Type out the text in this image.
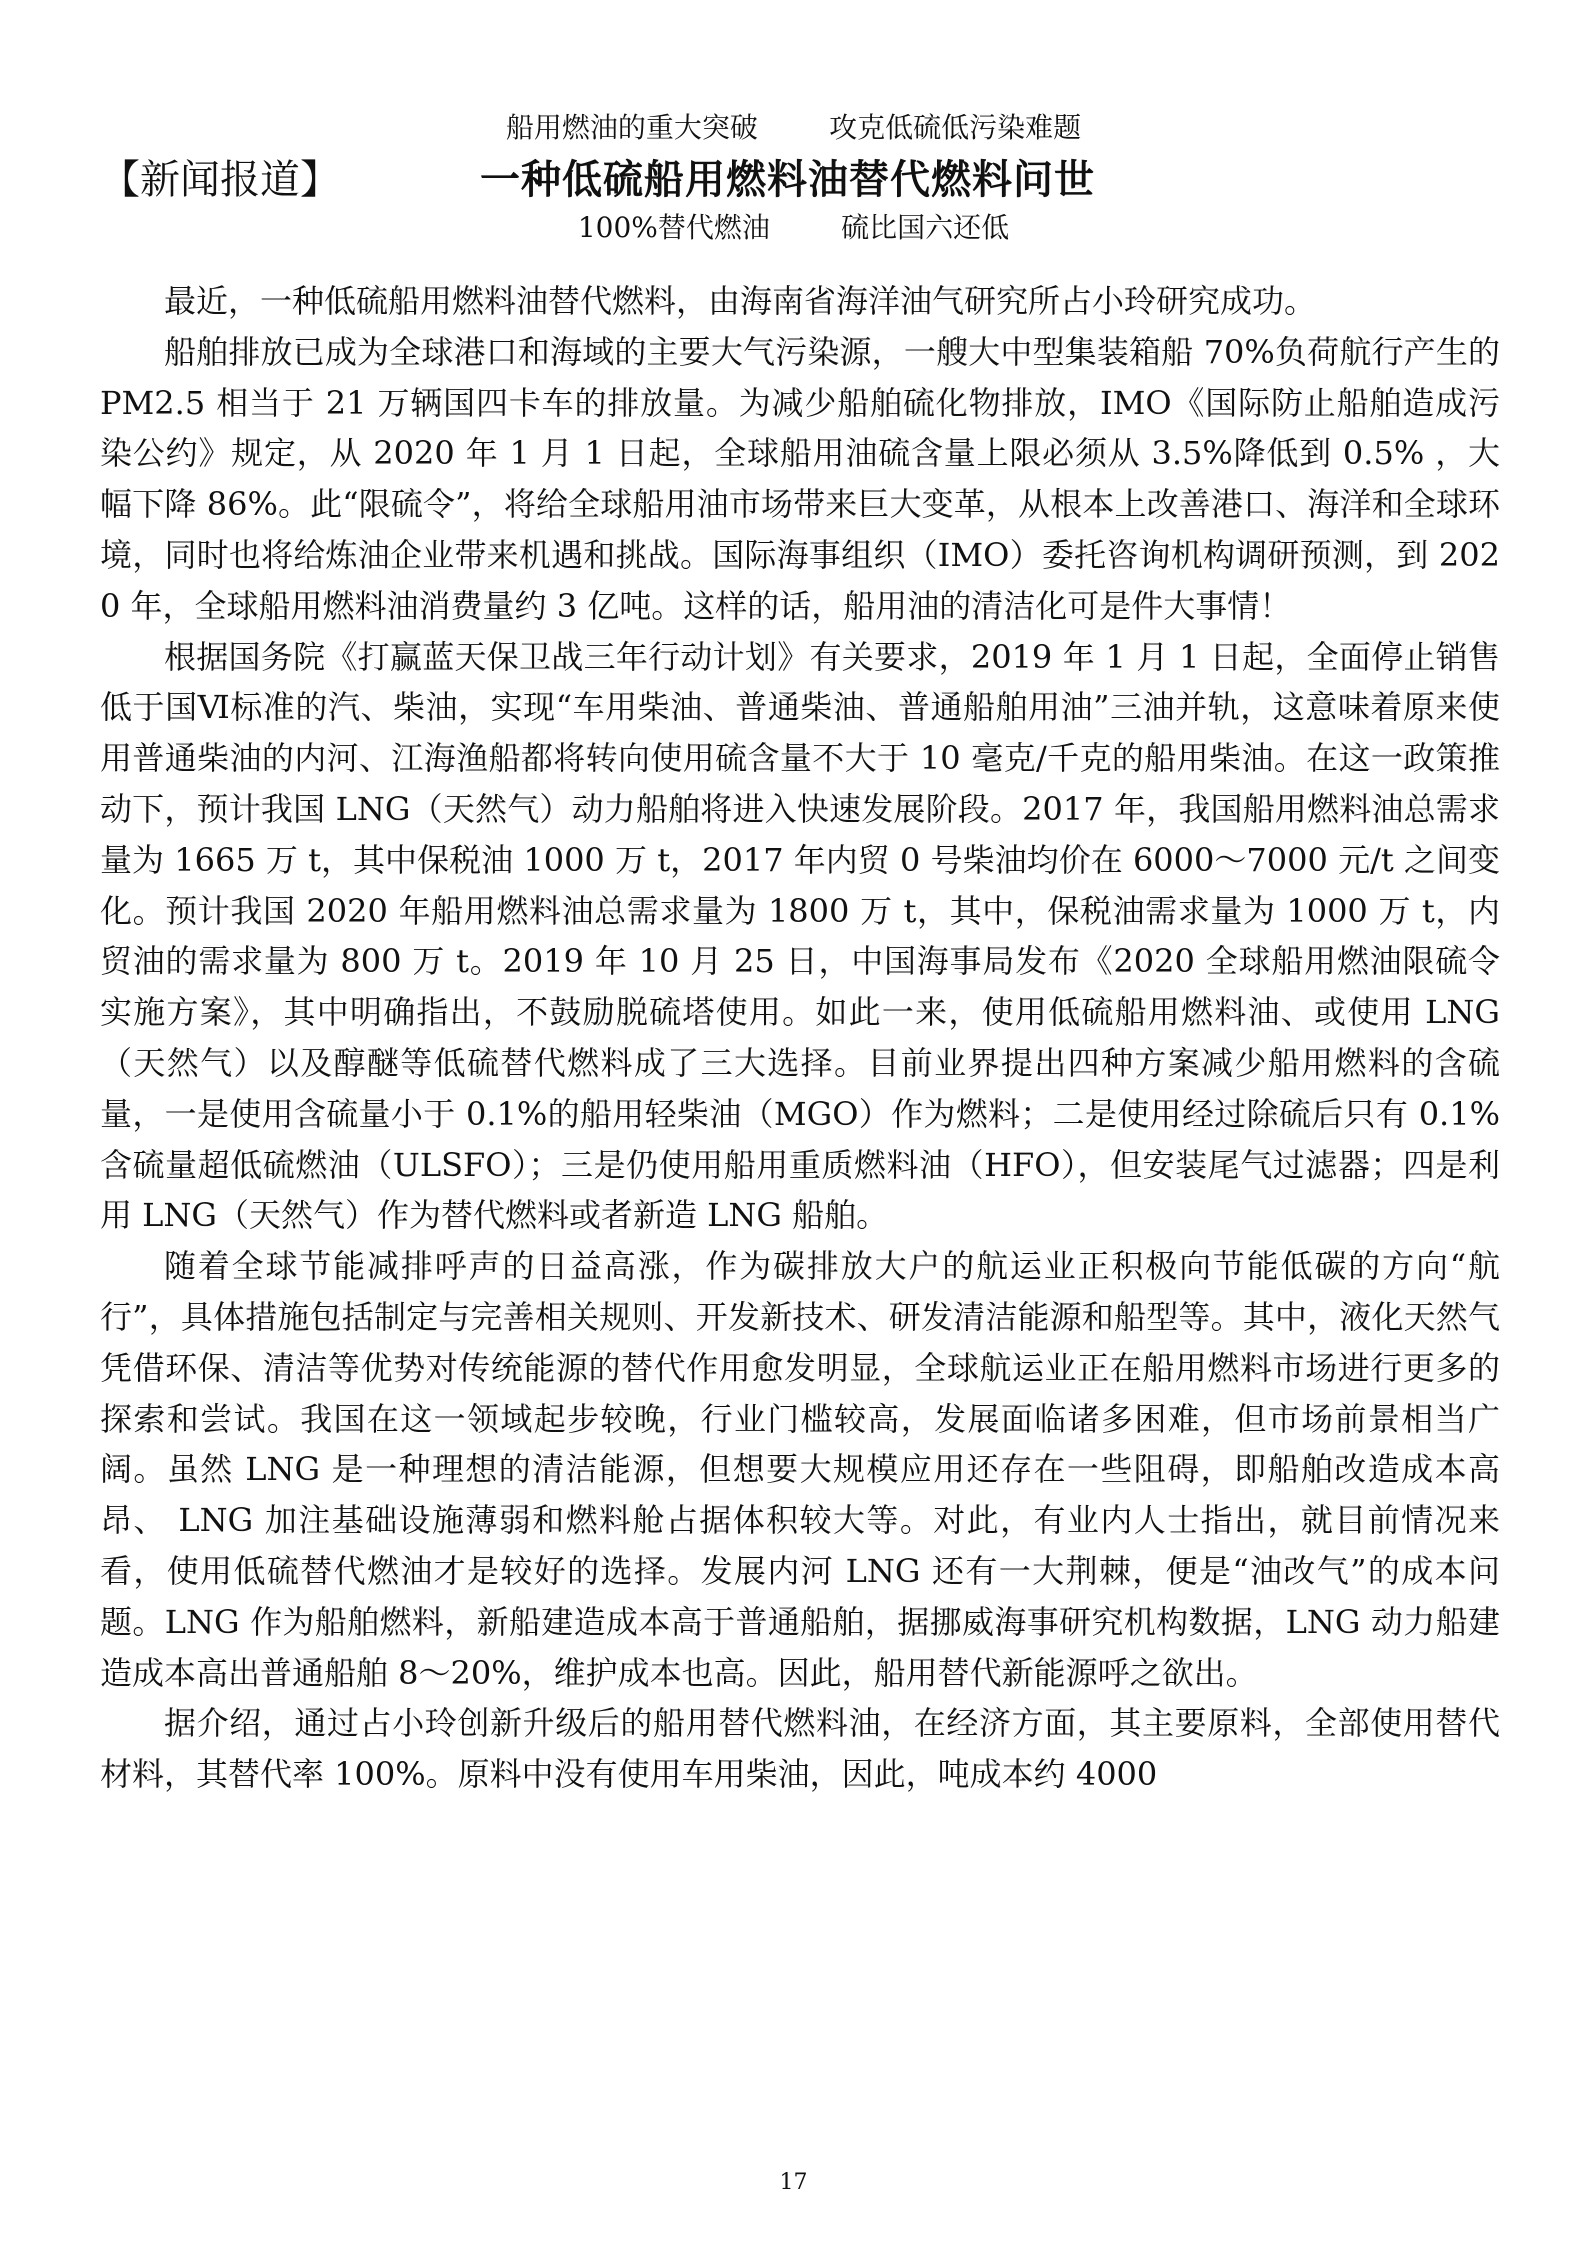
船用燃油的重大突破        攻克低硫低污染难题
【新闻报道】	一种低硫船用燃料油替代燃料问世
100%替代燃油        硫比国六还低

最近，一种低硫船用燃料油替代燃料，由海南省海洋油气研究所占小玲研究成功。

船舶排放已成为全球港口和海域的主要大气污染源，一艘大中型集装箱船 70%负荷航行产生的 PM2.5 相当于 21 万辆国四卡车的排放量。为减少船舶硫化物排放，IMO《国际防止船舶造成污染公约》规定，从 2020 年 1 月 1 日起，全球船用油硫含量上限必须从 3.5%降低到 0.5% ，大幅下降 86%。此“限硫令”，将给全球船用油市场带来巨大变革，从根本上改善港口、海洋和全球环境，同时也将给炼油企业带来机遇和挑战。国际海事组织（IMO）委托咨询机构调研预测，到 2020 年，全球船用燃料油消费量约 3 亿吨。这样的话，船用油的清洁化可是件大事情！

根据国务院《打赢蓝天保卫战三年行动计划》有关要求，2019 年 1 月 1 日起，全面停止销售低于国Ⅵ标准的汽、柴油，实现“车用柴油、普通柴油、普通船舶用油”三油并轨，这意味着原来使用普通柴油的内河、江海渔船都将转向使用硫含量不大于 10 毫克/千克的船用柴油。在这一政策推动下，预计我国 LNG（天然气）动力船舶将进入快速发展阶段。2017 年，我国船用燃料油总需求量为 1665 万 t，其中保税油 1000 万 t，2017 年内贸 0 号柴油均价在 6000～7000 元/t 之间变化。预计我国 2020 年船用燃料油总需求量为 1800 万 t，其中，保税油需求量为 1000 万 t，内贸油的需求量为 800 万 t。2019 年 10 月 25 日，中国海事局发布《2020 全球船用燃油限硫令实施方案》，其中明确指出，不鼓励脱硫塔使用。如此一来，使用低硫船用燃料油、或使用 LNG（天然气）以及醇醚等低硫替代燃料成了三大选择。目前业界提出四种方案减少船用燃料的含硫量，一是使用含硫量小于 0.1%的船用轻柴油（MGO）作为燃料；二是使用经过除硫后只有 0.1%含硫量超低硫燃油（ULSFO）；三是仍使用船用重质燃料油（HFO），但安装尾气过滤器；四是利用 LNG（天然气）作为替代燃料或者新造 LNG 船舶。

随着全球节能减排呼声的日益高涨，作为碳排放大户的航运业正积极向节能低碳的方向“航行”，具体措施包括制定与完善相关规则、开发新技术、研发清洁能源和船型等。其中，液化天然气凭借环保、清洁等优势对传统能源的替代作用愈发明显，全球航运业正在船用燃料市场进行更多的探索和尝试。我国在这一领域起步较晚，行业门槛较高，发展面临诸多困难，但市场前景相当广阔。虽然 LNG 是一种理想的清洁能源，但想要大规模应用还存在一些阻碍，即船舶改造成本高昂、 LNG 加注基础设施薄弱和燃料舱占据体积较大等。对此，有业内人士指出，就目前情况来看，使用低硫替代燃油才是较好的选择。发展内河 LNG 还有一大荆棘，便是“油改气”的成本问题。LNG 作为船舶燃料，新船建造成本高于普通船舶，据挪威海事研究机构数据，LNG 动力船建造成本高出普通船舶 8～20%，维护成本也高。因此，船用替代新能源呼之欲出。

据介绍，通过占小玲创新升级后的船用替代燃料油，在经济方面，其主要原料，全部使用替代材料，其替代率 100%。原料中没有使用车用柴油，因此，吨成本约 4000

17
